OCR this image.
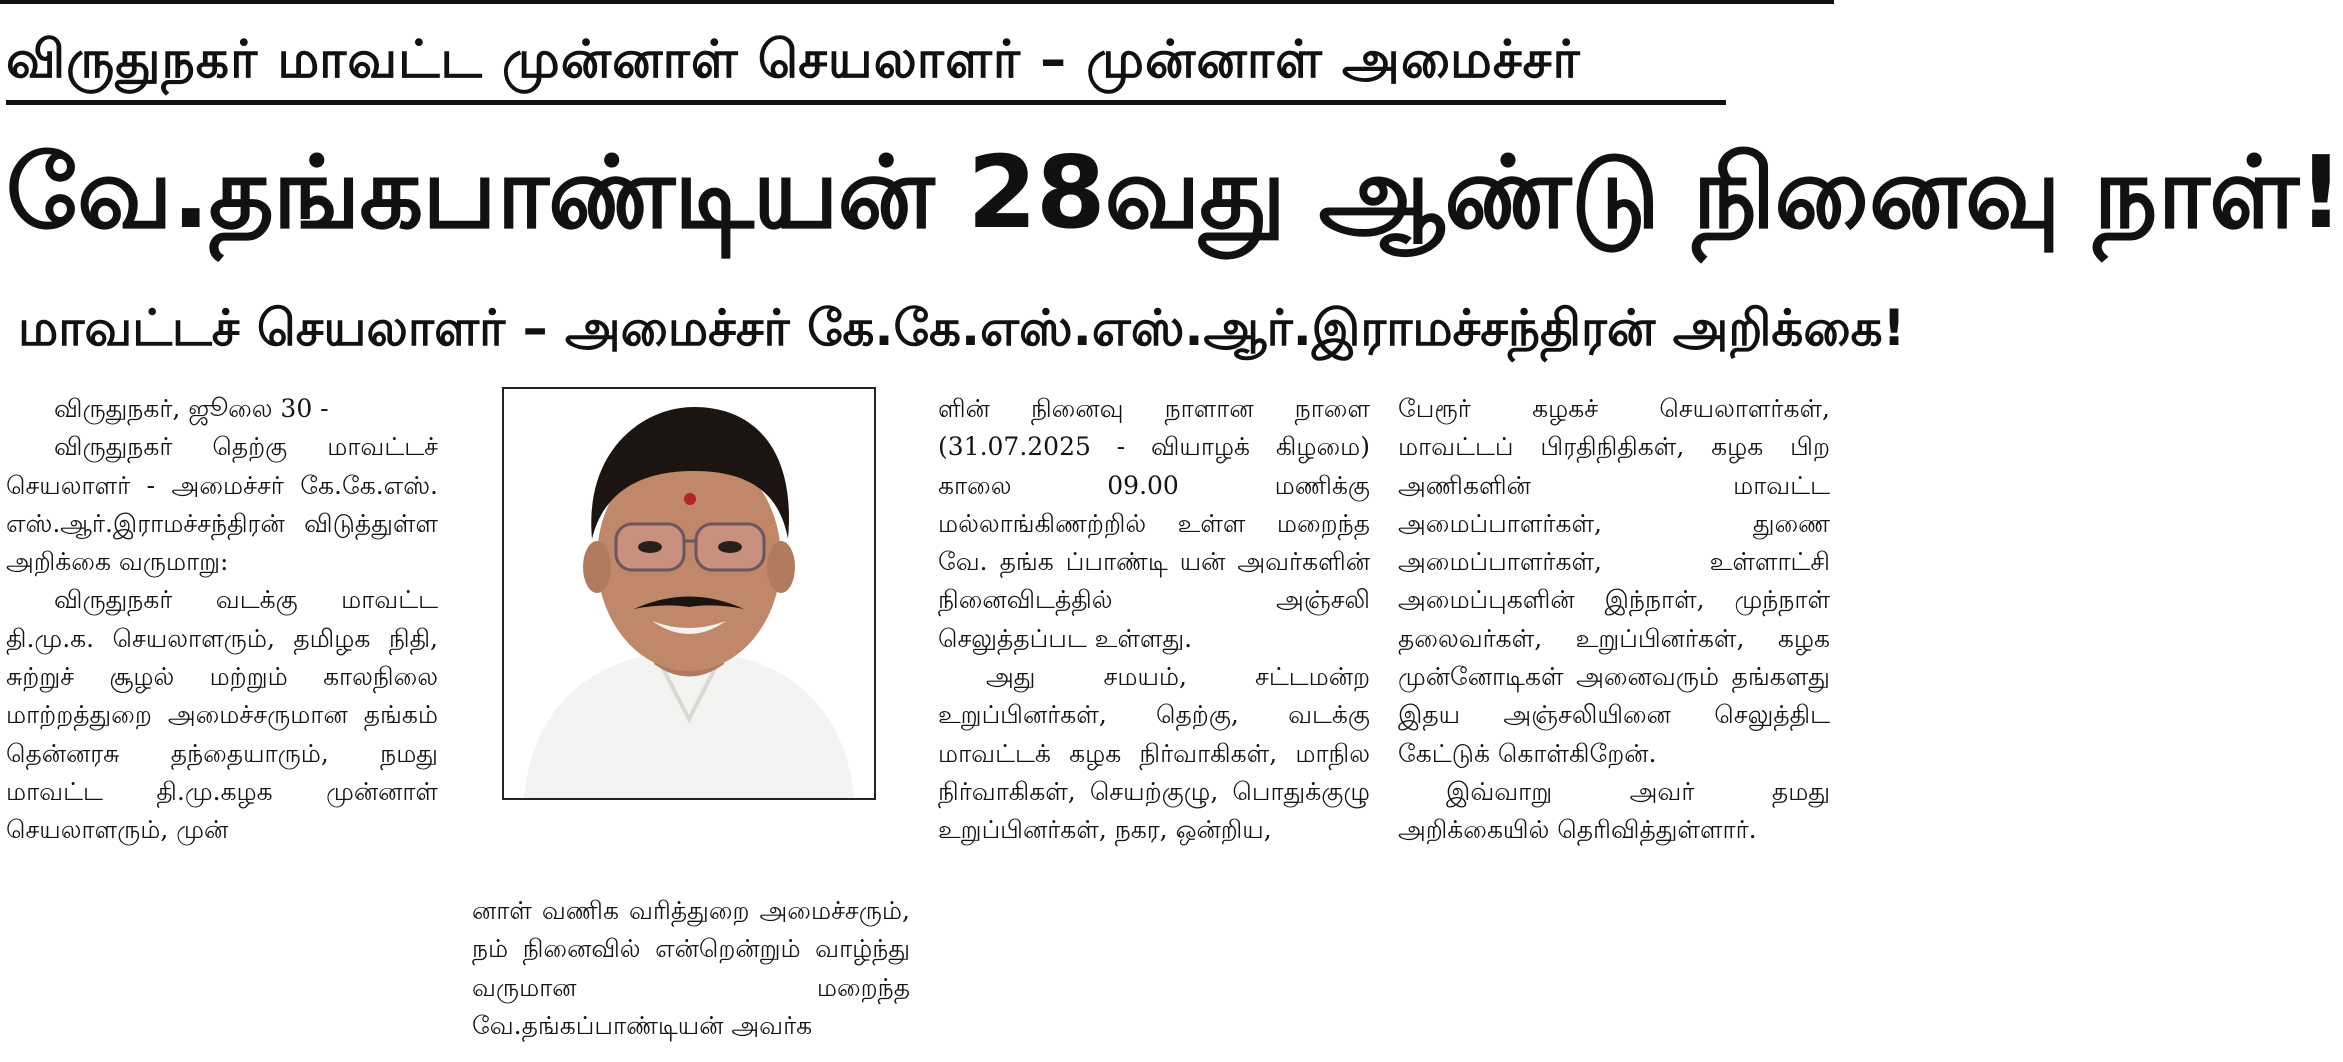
விருதுநகர் மாவட்ட முன்னாள் செயலாளர் – முன்னாள் அமைச்சர்
வே.தங்கபாண்டியன் 28வது ஆண்டு நினைவு நாள்!
மாவட்டச் செயலாளர் – அமைச்சர் கே.கே.எஸ்.எஸ்.ஆர்.இராமச்சந்திரன் அறிக்கை!

விருதுநகர், ஜூலை 30 -

விருதுநகர் தெற்கு மாவட்டச் செயலாளர் - அமைச்சர் கே.கே.எஸ். எஸ்.ஆர்.இராமச்சந்திரன் விடுத்துள்ள அறிக்கை வருமாறு:

விருதுநகர் வடக்கு மாவட்ட தி.மு.க. செயலாளரும், தமிழக நிதி, சுற்றுச் சூழல் மற்றும் காலநிலை மாற்றத்துறை அமைச்சருமான தங்கம் தென்னரசு தந்தையாரும், நமது மாவட்ட தி.மு.கழக முன்னாள் செயலாளரும், முன்

னாள் வணிக வரித்துறை அமைச்சரும், நம் நினைவில் என்றென்றும் வாழ்ந்து வருமான மறைந்த வே.தங்கப்பாண்டியன் அவர்க

ளின் நினைவு நாளான நாளை (31.07.2025 - வியாழக் கிழமை) காலை 09.00 மணிக்கு மல்லாங்கிணற்றில் உள்ள மறைந்த வே. தங்க ப்பாண்டி யன் அவர்களின் நினைவிடத்தில் அஞ்சலி செலுத்தப்பட உள்ளது.

அது சமயம், சட்டமன்ற உறுப்பினர்கள், தெற்கு, வடக்கு மாவட்டக் கழக நிர்வாகிகள், மாநில நிர்வாகிகள், செயற்குழு, பொதுக்குழு உறுப்பினர்கள், நகர, ஒன்றிய,

பேரூர் கழகச் செயலாளர்கள், மாவட்டப் பிரதிநிதிகள், கழக பிற அணிகளின் மாவட்ட அமைப்பாளர்கள், துணை அமைப்பாளர்கள், உள்ளாட்சி அமைப்புகளின் இந்நாள், முந்நாள் தலைவர்கள், உறுப்பினர்கள், கழக முன்னோடிகள் அனைவரும் தங்களது இதய அஞ்சலியினை செலுத்திட கேட்டுக் கொள்கிறேன்.

இவ்வாறு அவர் தமது அறிக்கையில் தெரிவித்துள்ளார்.
